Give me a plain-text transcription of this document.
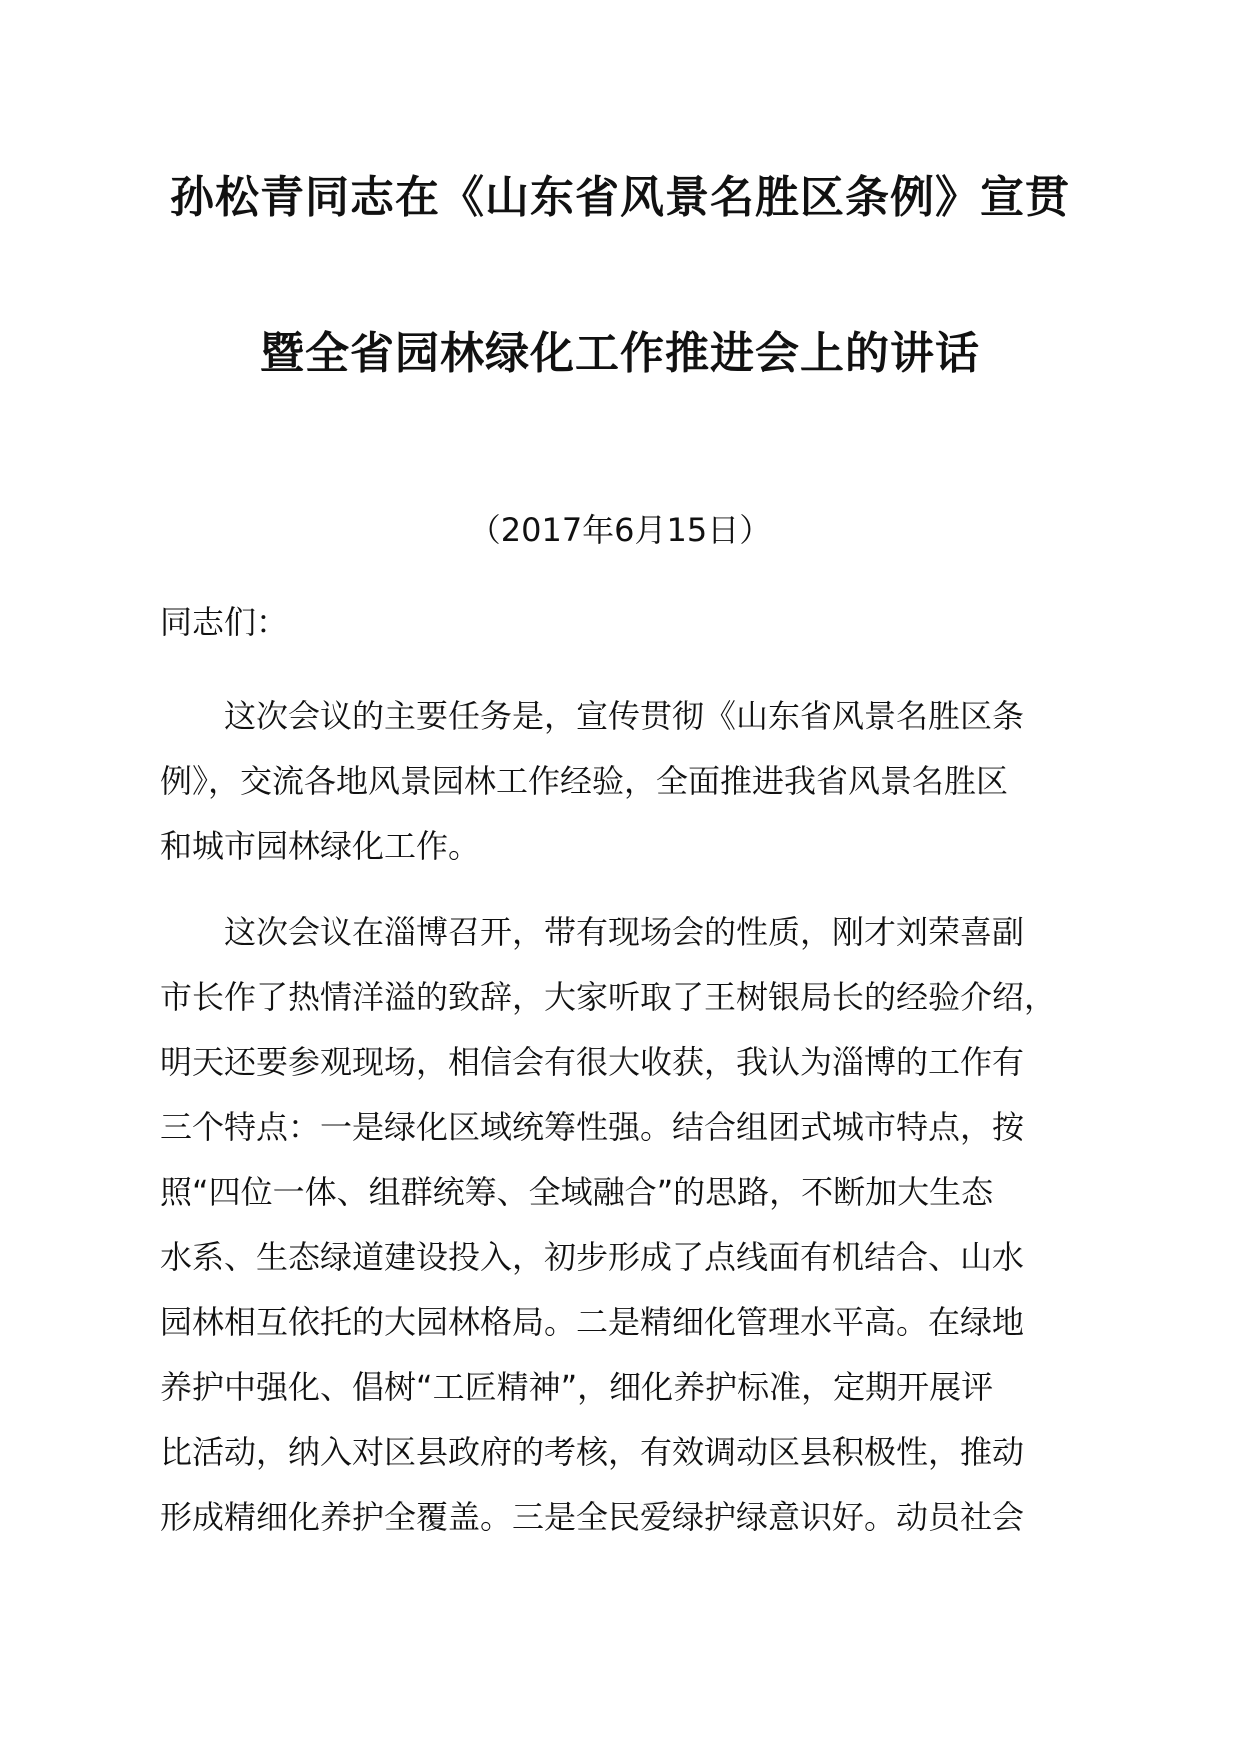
孙松青同志在《山东省风景名胜区条例》宣贯
暨全省园林绿化工作推进会上的讲话
（2017年6月15日）
同志们：
这次会议的主要任务是，宣传贯彻《山东省风景名胜区条
例》，交流各地风景园林工作经验，全面推进我省风景名胜区
和城市园林绿化工作。
这次会议在淄博召开，带有现场会的性质，刚才刘荣喜副
市长作了热情洋溢的致辞，大家听取了王树银局长的经验介绍，
明天还要参观现场，相信会有很大收获，我认为淄博的工作有
三个特点：一是绿化区域统筹性强。结合组团式城市特点，按
照“四位一体、组群统筹、全域融合”的思路，不断加大生态
水系、生态绿道建设投入，初步形成了点线面有机结合、山水
园林相互依托的大园林格局。二是精细化管理水平高。在绿地
养护中强化、倡树“工匠精神”，细化养护标准，定期开展评
比活动，纳入对区县政府的考核，有效调动区县积极性，推动
形成精细化养护全覆盖。三是全民爱绿护绿意识好。动员社会
